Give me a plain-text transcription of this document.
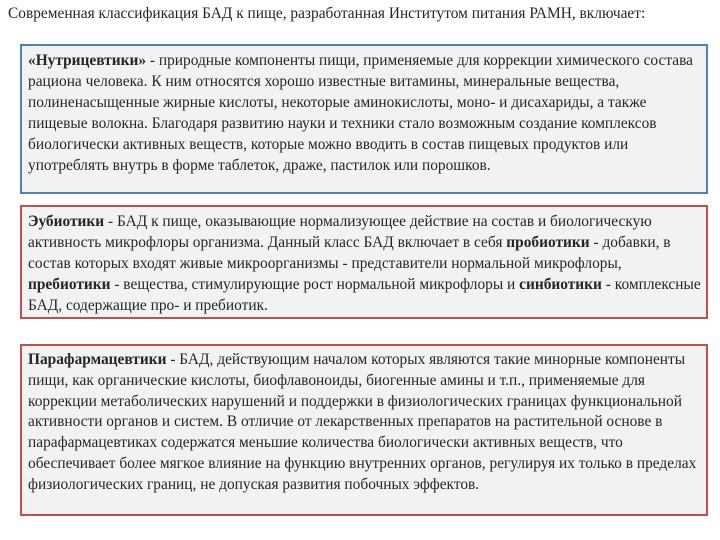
Современная классификация БАД к пище, разработанная Институтом питания РАМН, включает:

«Нутрицевтики» - природные компоненты пищи, применяемые для коррекции химического состава рациона человека. К ним относятся хорошо известные витамины, минеральные вещества, полиненасыщенные жирные кислоты, некоторые аминокислоты, моно- и дисахариды, а также пищевые волокна. Благодаря развитию науки и техники стало возможным создание комплексов биологически активных веществ, которые можно вводить в состав пищевых продуктов или употреблять внутрь в форме таблеток, драже, пастилок или порошков.

Эубиотики - БАД к пище, оказывающие нормализующее действие на состав и биологическую активность микрофлоры организма. Данный класс БАД включает в себя пробиотики - добавки, в состав которых входят живые микроорганизмы - представители нормальной микрофлоры, пребиотики - вещества, стимулирующие рост нормальной микрофлоры и синбиотики - комплексные БАД, содержащие про- и пребиотик.

Парафармацевтики - БАД, действующим началом которых являются такие минорные компоненты пищи, как органические кислоты, биофлавоноиды, биогенные амины и т.п., применяемые для коррекции метаболических нарушений и поддержки в физиологических границах функциональной активности органов и систем. В отличие от лекарственных препаратов на растительной основе в парафармацевтиках содержатся меньшие количества биологически активных веществ, что обеспечивает более мягкое влияние на функцию внутренних органов, регулируя их только в пределах физиологических границ, не допуская развития побочных эффектов.
